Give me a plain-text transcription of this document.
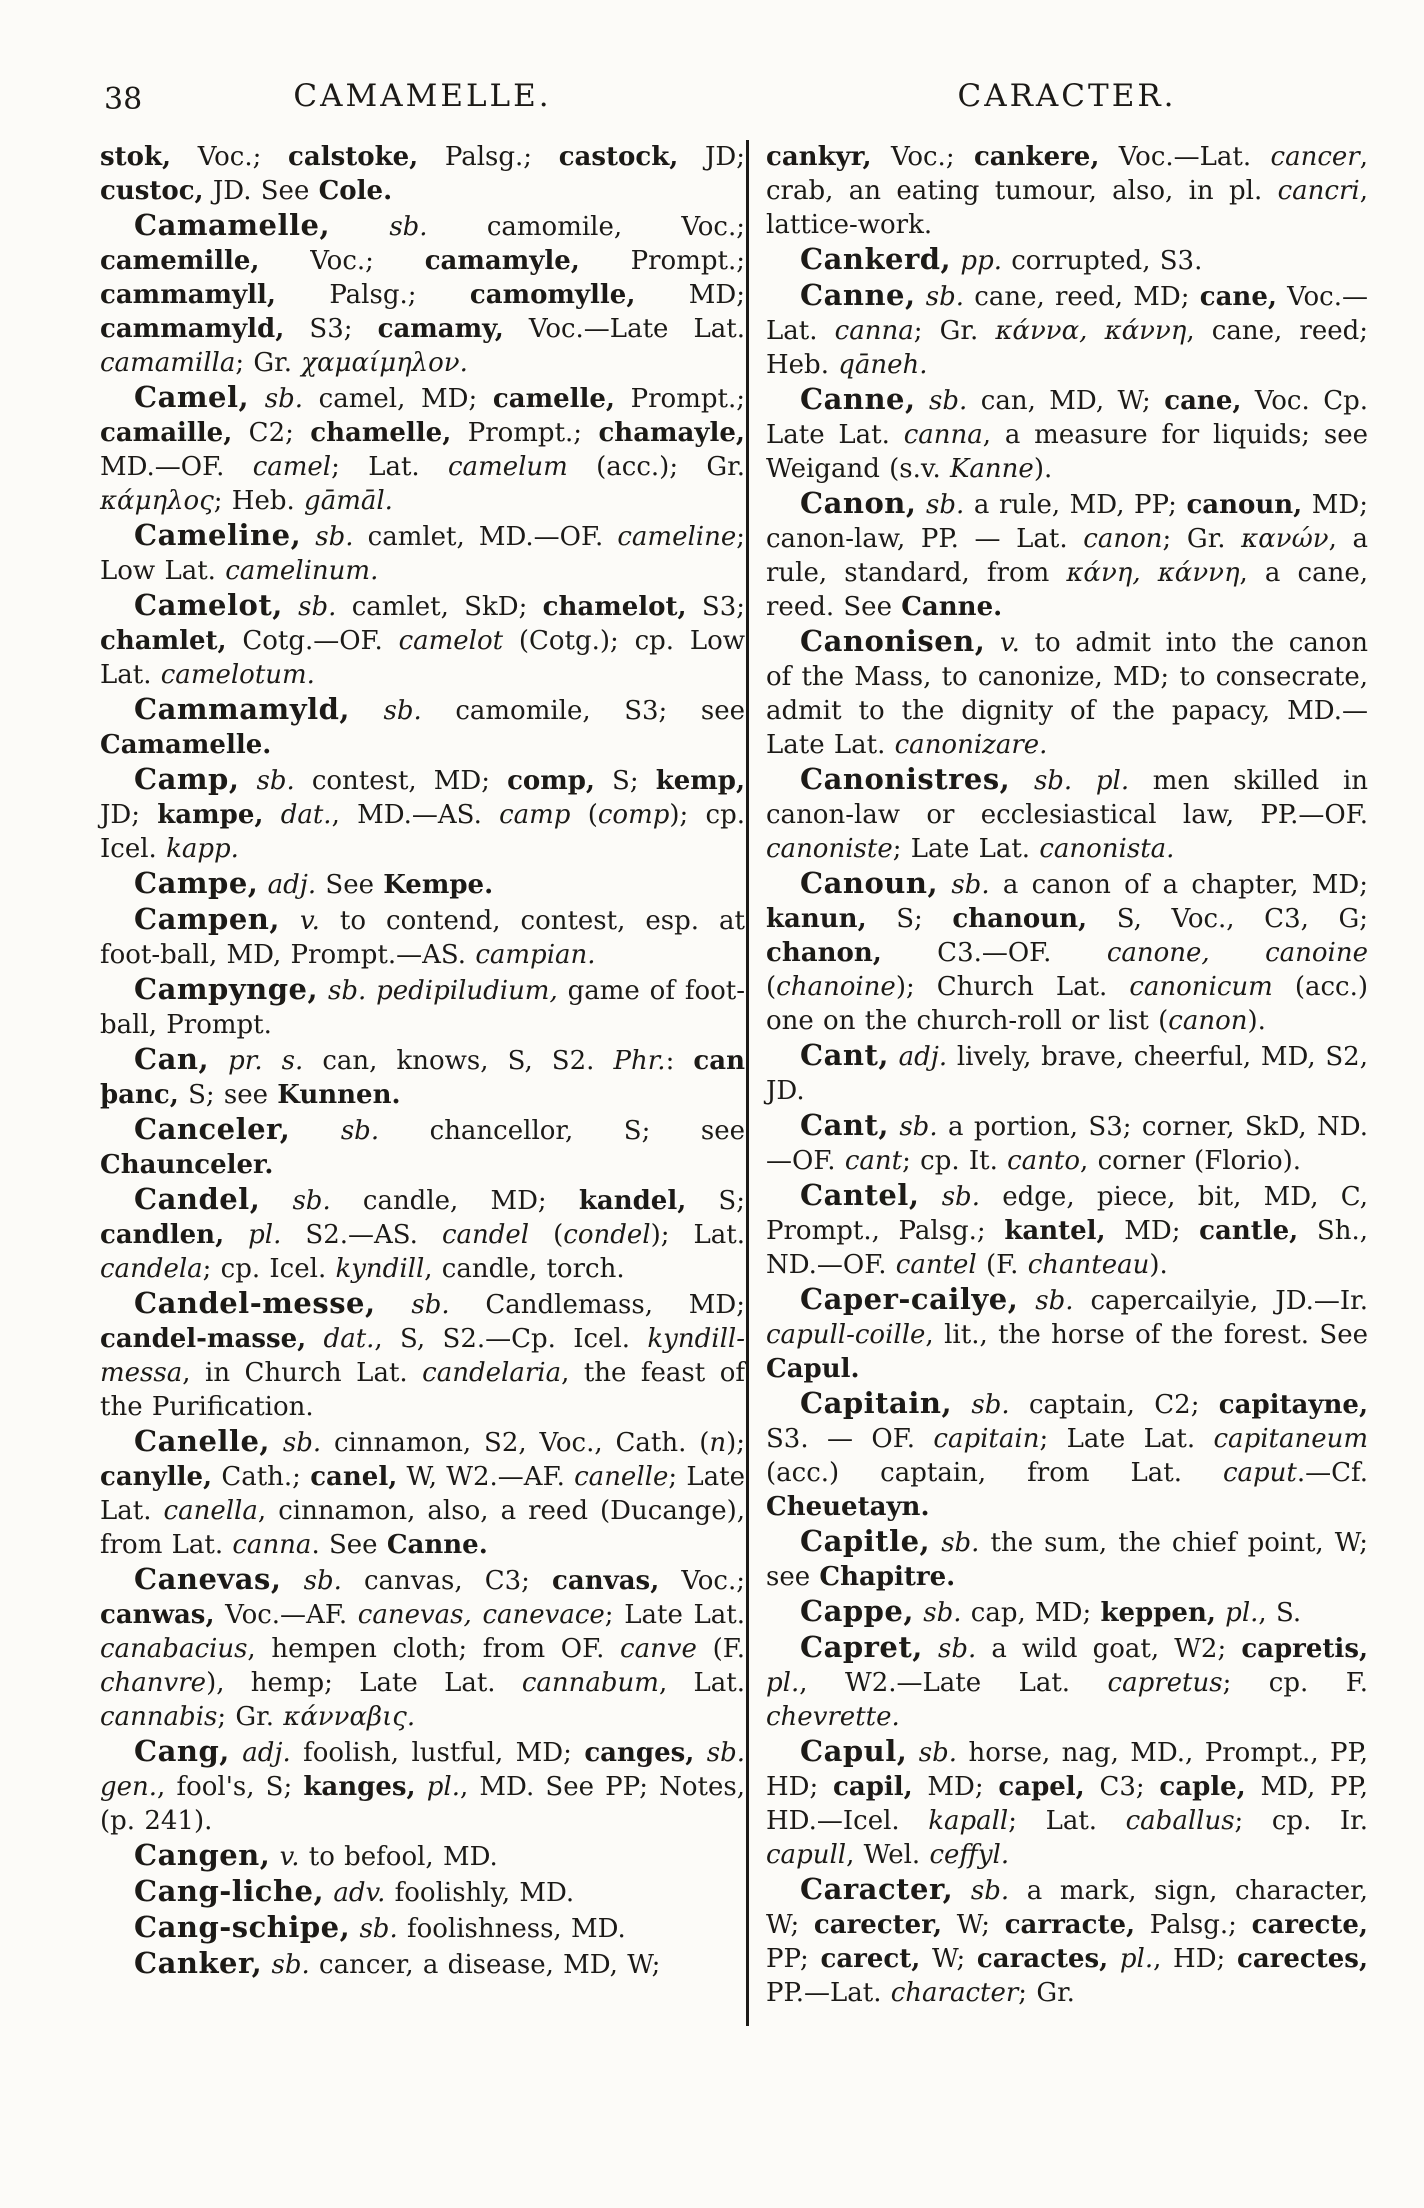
38	CAMAMELLE.	CARACTER.

stok, Voc.; calstoke, Palsg.; castock, JD; custoc, JD. See Cole.

Camamelle, sb. camomile, Voc.; camemille, Voc.; camamyle, Prompt.; cammamyll, Palsg.; camomylle, MD; cammamyld, S3; camamy, Voc.—Late Lat. camamilla; Gr. χαμαίμηλον.

Camel, sb. camel, MD; camelle, Prompt.; camaille, C2; chamelle, Prompt.; chamayle, MD.—OF. camel; Lat. camelum (acc.); Gr. κάμηλος; Heb. gāmāl.

Cameline, sb. camlet, MD.—OF. cameline; Low Lat. camelinum.

Camelot, sb. camlet, SkD; chamelot, S3; chamlet, Cotg.—OF. camelot (Cotg.); cp. Low Lat. camelotum.

Cammamyld, sb. camomile, S3; see Camamelle.

Camp, sb. contest, MD; comp, S; kemp, JD; kampe, dat., MD.—AS. camp (comp); cp. Icel. kapp.

Campe, adj. See Kempe.

Campen, v. to contend, contest, esp. at foot-ball, MD, Prompt.—AS. campian.

Campynge, sb. pedipiludium, game of foot-ball, Prompt.

Can, pr. s. can, knows, S, S2. Phr.: can þanc, S; see Kunnen.

Canceler, sb. chancellor, S; see Chaunceler.

Candel, sb. candle, MD; kandel, S; candlen, pl. S2.—AS. candel (condel); Lat. candela; cp. Icel. kyndill, candle, torch.

Candel-messe, sb. Candlemass, MD; candel-masse, dat., S, S2.—Cp. Icel. kyndill-messa, in Church Lat. candelaria, the feast of the Purification.

Canelle, sb. cinnamon, S2, Voc., Cath. (n); canylle, Cath.; canel, W, W2.—AF. canelle; Late Lat. canella, cinnamon, also, a reed (Ducange), from Lat. canna. See Canne.

Canevas, sb. canvas, C3; canvas, Voc.; canwas, Voc.—AF. canevas, canevace; Late Lat. canabacius, hempen cloth; from OF. canve (F. chanvre), hemp; Late Lat. cannabum, Lat. cannabis; Gr. κάνναβις.

Cang, adj. foolish, lustful, MD; canges, sb. gen., fool's, S; kanges, pl., MD. See PP; Notes, (p. 241).

Cangen, v. to befool, MD.

Cang-liche, adv. foolishly, MD.

Cang-schipe, sb. foolishness, MD.

Canker, sb. cancer, a disease, MD, W;

cankyr, Voc.; cankere, Voc.—Lat. cancer, crab, an eating tumour, also, in pl. cancri, lattice-work.

Cankerd, pp. corrupted, S3.

Canne, sb. cane, reed, MD; cane, Voc.—Lat. canna; Gr. κάννα, κάννη, cane, reed; Heb. qāneh.

Canne, sb. can, MD, W; cane, Voc. Cp. Late Lat. canna, a measure for liquids; see Weigand (s.v. Kanne).

Canon, sb. a rule, MD, PP; canoun, MD; canon-law, PP. — Lat. canon; Gr. κανών, a rule, standard, from κάνη, κάννη, a cane, reed. See Canne.

Canonisen, v. to admit into the canon of the Mass, to canonize, MD; to consecrate, admit to the dignity of the papacy, MD.—Late Lat. canonizare.

Canonistres, sb. pl. men skilled in canon-law or ecclesiastical law, PP.—OF. canoniste; Late Lat. canonista.

Canoun, sb. a canon of a chapter, MD; kanun, S; chanoun, S, Voc., C3, G; chanon, C3.—OF. canone, canoine (chanoine); Church Lat. canonicum (acc.) one on the church-roll or list (canon).

Cant, adj. lively, brave, cheerful, MD, S2, JD.

Cant, sb. a portion, S3; corner, SkD, ND.—OF. cant; cp. It. canto, corner (Florio).

Cantel, sb. edge, piece, bit, MD, C, Prompt., Palsg.; kantel, MD; cantle, Sh., ND.—OF. cantel (F. chanteau).

Caper-cailye, sb. capercailyie, JD.—Ir. capull-coille, lit., the horse of the forest. See Capul.

Capitain, sb. captain, C2; capitayne, S3. — OF. capitain; Late Lat. capitaneum (acc.) captain, from Lat. caput.—Cf. Cheuetayn.

Capitle, sb. the sum, the chief point, W; see Chapitre.

Cappe, sb. cap, MD; keppen, pl., S.

Capret, sb. a wild goat, W2; capretis, pl., W2.—Late Lat. capretus; cp. F. chevrette.

Capul, sb. horse, nag, MD., Prompt., PP, HD; capil, MD; capel, C3; caple, MD, PP, HD.—Icel. kapall; Lat. caballus; cp. Ir. capull, Wel. ceffyl.

Caracter, sb. a mark, sign, character, W; carecter, W; carracte, Palsg.; carecte, PP; carect, W; caractes, pl., HD; carectes, PP.—Lat. character; Gr.
